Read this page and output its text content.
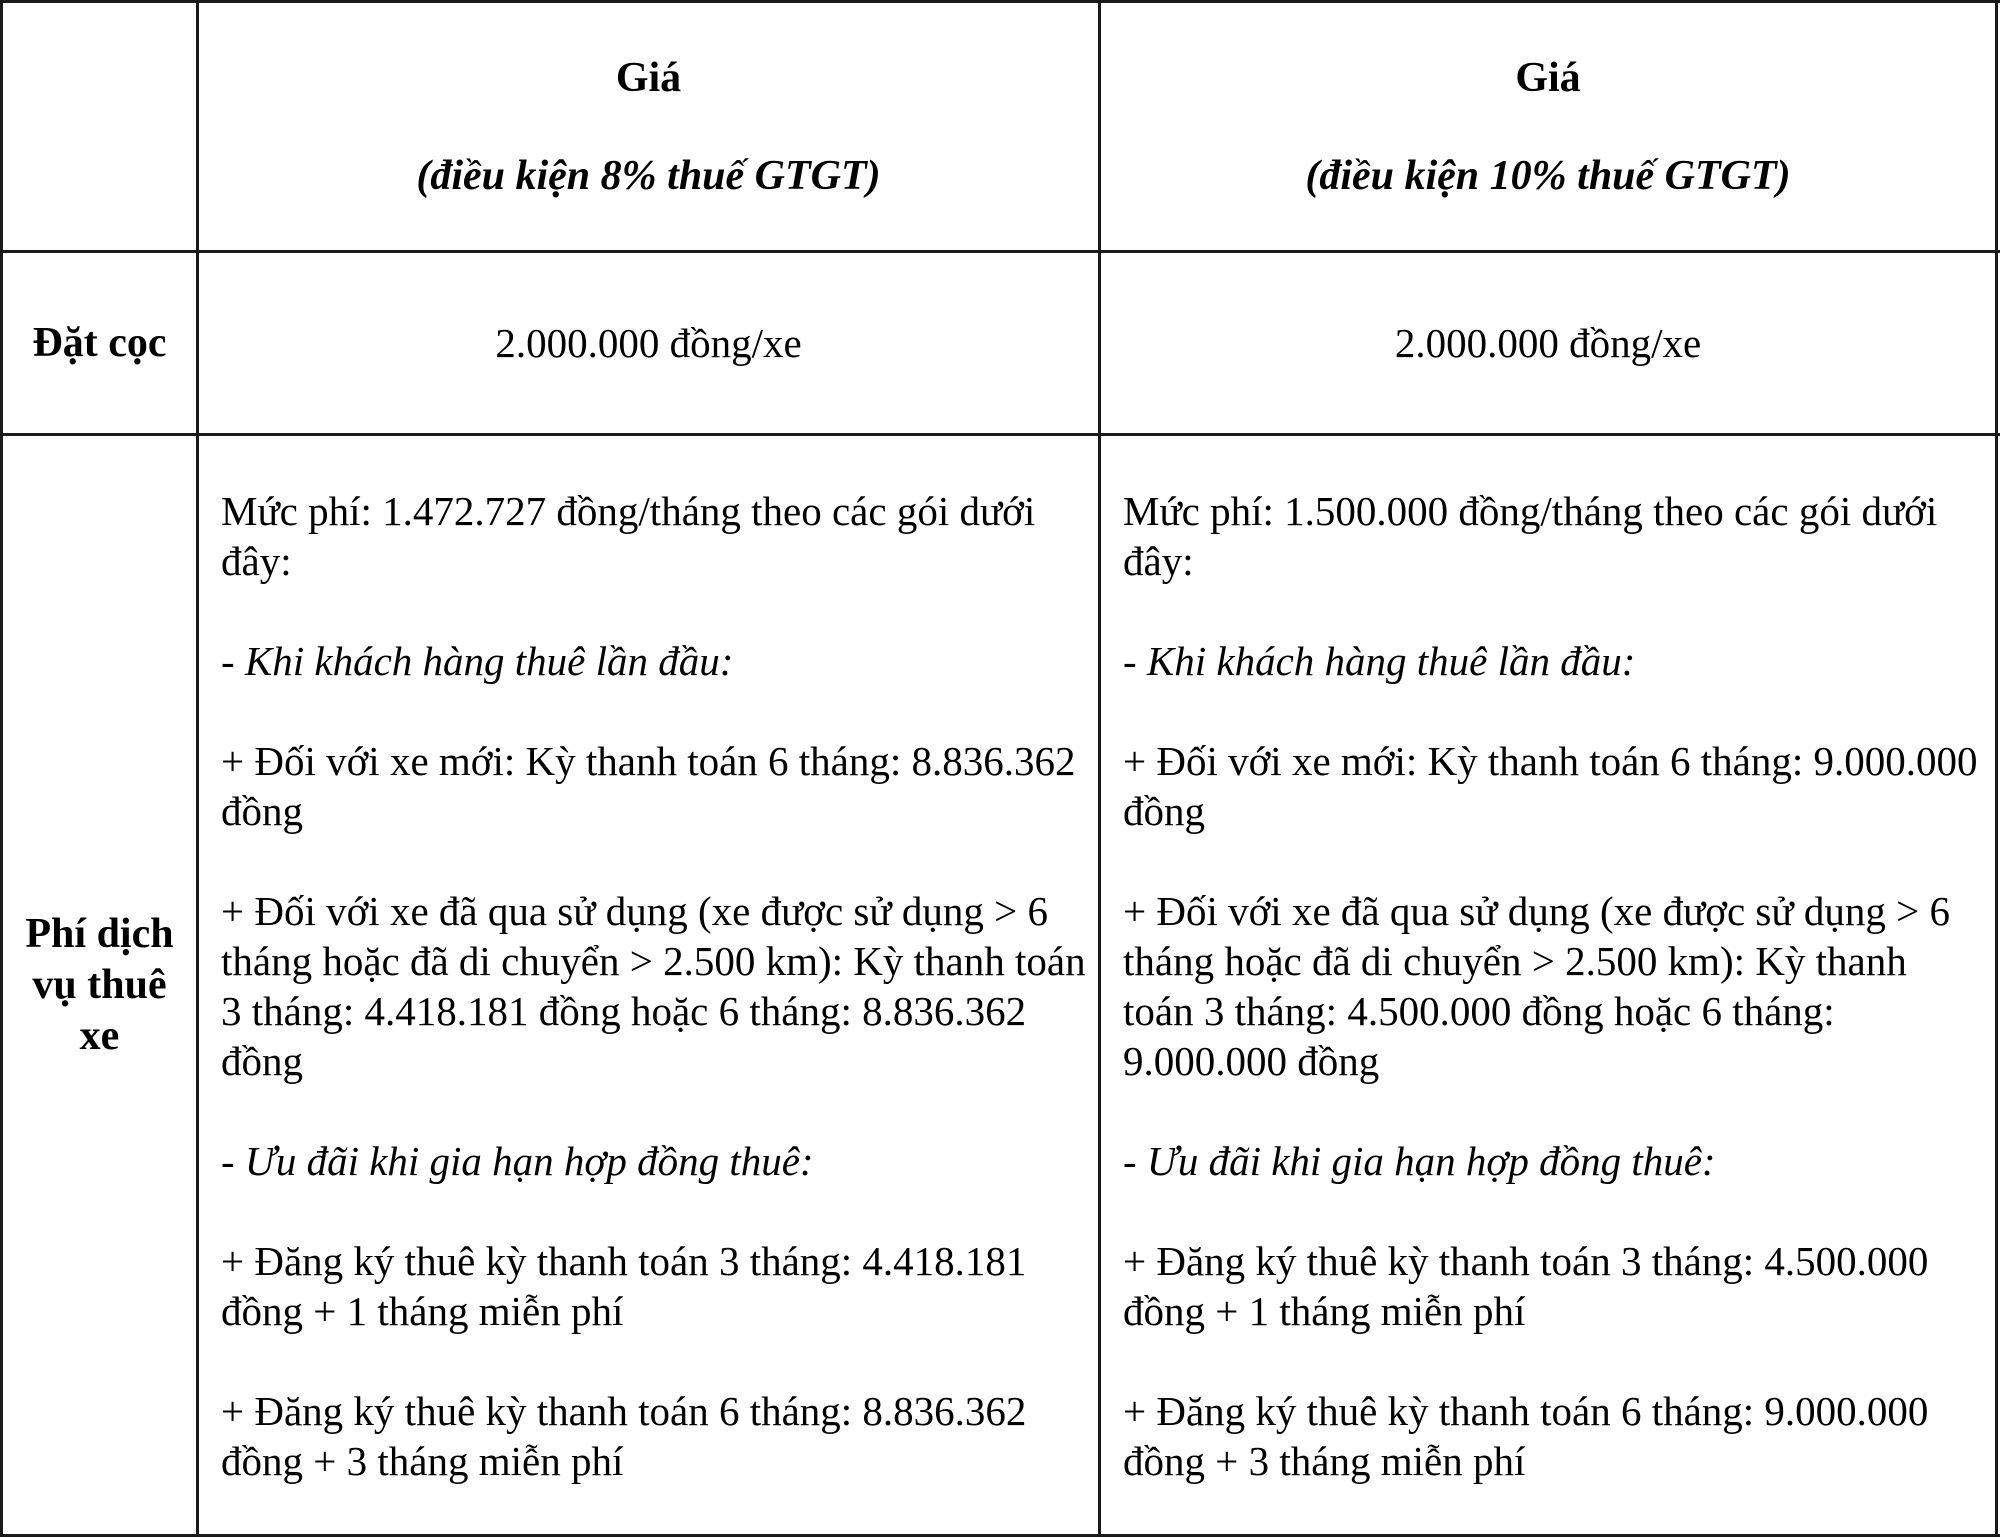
Giá
(điều kiện 8% thuế GTGT)
Giá
(điều kiện 10% thuế GTGT)
Đặt cọc	2.000.000 đồng/xe	2.000.000 đồng/xe
Phí dịch vụ thuê xe

Mức phí: 1.472.727 đồng/tháng theo các gói dưới đây:

- Khi khách hàng thuê lần đầu:

+ Đối với xe mới: Kỳ thanh toán 6 tháng: 8.836.362 đồng

+ Đối với xe đã qua sử dụng (xe được sử dụng > 6 tháng hoặc đã di chuyển > 2.500 km): Kỳ thanh toán 3 tháng: 4.418.181 đồng hoặc 6 tháng: 8.836.362 đồng

- Ưu đãi khi gia hạn hợp đồng thuê:

+ Đăng ký thuê kỳ thanh toán 3 tháng: 4.418.181 đồng + 1 tháng miễn phí

+ Đăng ký thuê kỳ thanh toán 6 tháng: 8.836.362 đồng + 3 tháng miễn phí

Mức phí: 1.500.000 đồng/tháng theo các gói dưới đây:

- Khi khách hàng thuê lần đầu:

+ Đối với xe mới: Kỳ thanh toán 6 tháng: 9.000.000 đồng

+ Đối với xe đã qua sử dụng (xe được sử dụng > 6 tháng hoặc đã di chuyển > 2.500 km): Kỳ thanh toán 3 tháng: 4.500.000 đồng hoặc 6 tháng: 9.000.000 đồng

- Ưu đãi khi gia hạn hợp đồng thuê:

+ Đăng ký thuê kỳ thanh toán 3 tháng: 4.500.000 đồng + 1 tháng miễn phí

+ Đăng ký thuê kỳ thanh toán 6 tháng: 9.000.000 đồng + 3 tháng miễn phí
